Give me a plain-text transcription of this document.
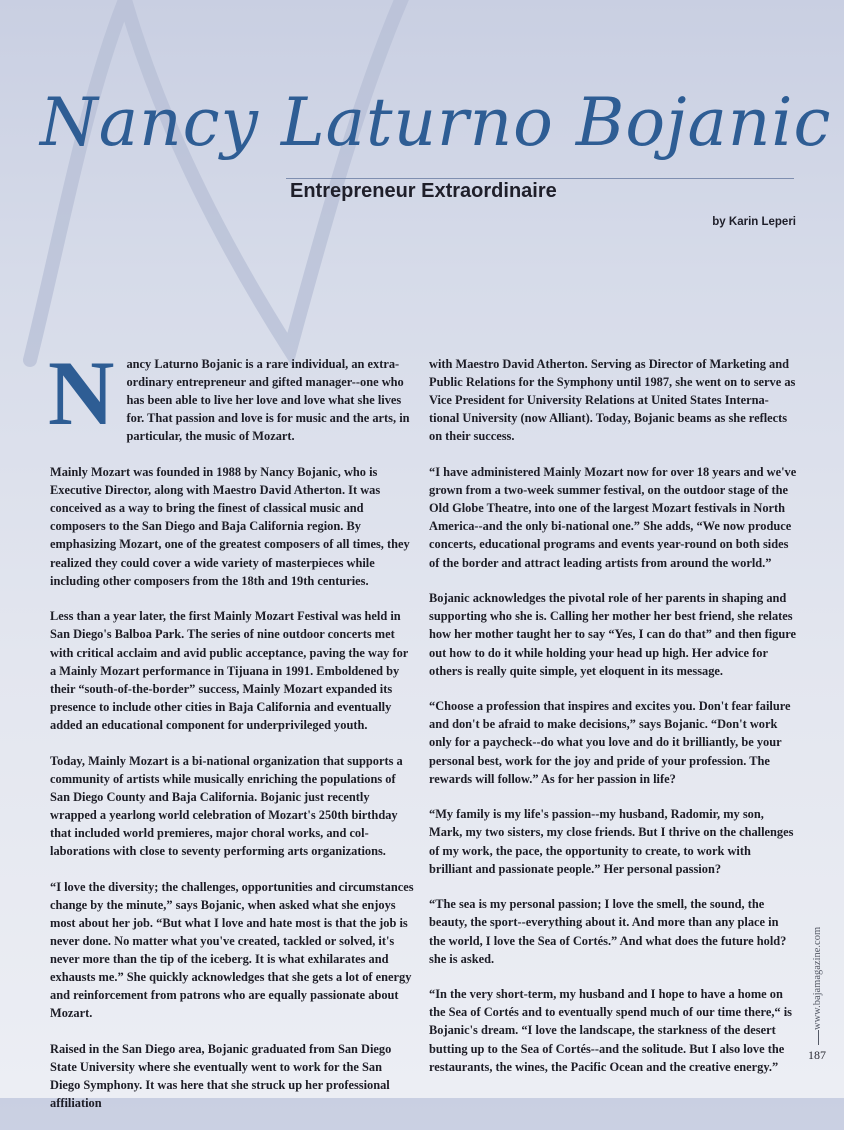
Nancy Laturno Bojanic
Entrepreneur Extraordinaire
by Karin Leperi

Nancy Laturno Bojanic is a rare individual, an extra-ordinary entrepreneur and gifted manager--one who has been able to live her love and love what she lives for. That passion and love is for music and the arts, in particular, the music of Mozart.

Mainly Mozart was founded in 1988 by Nancy Bojanic, who is Executive Director, along with Maestro David Atherton. It was conceived as a way to bring the finest of classical music and composers to the San Diego and Baja California region. By emphasizing Mozart, one of the greatest composers of all times, they realized they could cover a wide variety of masterpieces while including other composers from the 18th and 19th centuries.

Less than a year later, the first Mainly Mozart Festival was held in San Diego's Balboa Park. The series of nine outdoor concerts met with critical acclaim and avid public acceptance, paving the way for a Mainly Mozart performance in Tijuana in 1991. Emboldened by their “south-of-the-border” success, Mainly Mozart expanded its presence to include other cities in Baja California and eventually added an educational component for underprivileged youth.

Today, Mainly Mozart is a bi-national organization that supports a community of artists while musically enriching the populations of San Diego County and Baja California. Bojanic just recently wrapped a yearlong world celebration of Mozart's 250th birthday that included world premieres, major choral works, and col-laborations with close to seventy performing arts organizations.

“I love the diversity; the challenges, opportunities and circumstances change by the minute,” says Bojanic, when asked what she enjoys most about her job. “But what I love and hate most is that the job is never done. No matter what you've created, tackled or solved, it's never more than the tip of the iceberg. It is what exhilarates and exhausts me.” She quickly acknowledges that she gets a lot of energy and reinforcement from patrons who are equally passionate about Mozart.

Raised in the San Diego area, Bojanic graduated from San Diego State University where she eventually went to work for the San Diego Symphony. It was here that she struck up her professional affiliation

with Maestro David Atherton. Serving as Director of Marketing and Public Relations for the Symphony until 1987, she went on to serve as Vice President for University Relations at United States Interna-tional University (now Alliant). Today, Bojanic beams as she reflects on their success.

“I have administered Mainly Mozart now for over 18 years and we've grown from a two-week summer festival, on the outdoor stage of the Old Globe Theatre, into one of the largest Mozart festivals in North America--and the only bi-national one.” She adds, “We now produce concerts, educational programs and events year-round on both sides of the border and attract leading artists from around the world.”

Bojanic acknowledges the pivotal role of her parents in shaping and supporting who she is. Calling her mother her best friend, she relates how her mother taught her to say “Yes, I can do that” and then figure out how to do it while holding your head up high. Her advice for others is really quite simple, yet eloquent in its message.

“Choose a profession that inspires and excites you. Don't fear failure and don't be afraid to make decisions,” says Bojanic. “Don't work only for a paycheck--do what you love and do it brilliantly, be your personal best, work for the joy and pride of your profession. The rewards will follow.” As for her passion in life?

“My family is my life's passion--my husband, Radomir, my son, Mark, my two sisters, my close friends. But I thrive on the challenges of my work, the pace, the opportunity to create, to work with brilliant and passionate people.” Her personal passion?

“The sea is my personal passion; I love the smell, the sound, the beauty, the sport--everything about it. And more than any place in the world, I love the Sea of Cortés.” And what does the future hold? she is asked.

“In the very short-term, my husband and I hope to have a home on the Sea of Cortés and to eventually spend much of our time there,“ is Bojanic's dream. “I love the landscape, the starkness of the desert butting up to the Sea of Cortés--and the solitude. But I also love the restaurants, the wines, the Pacific Ocean and the creative energy.”

www.bajamagazine.com
187
